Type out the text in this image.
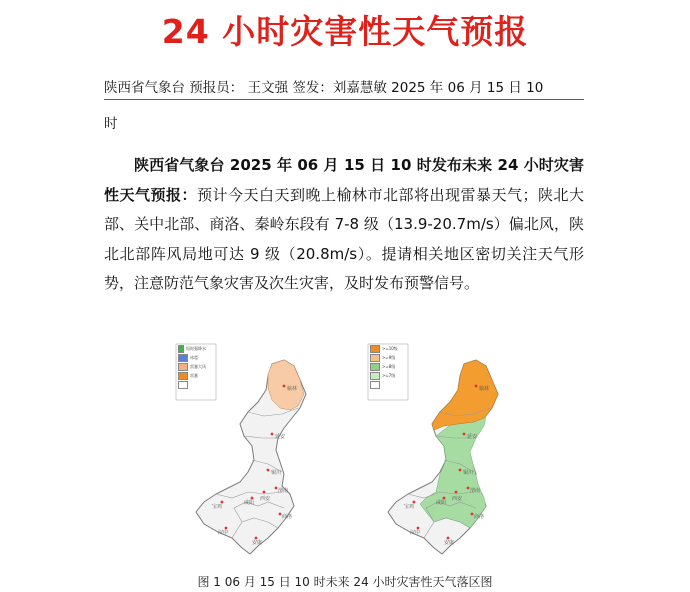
24 小时灾害性天气预报
陕西省气象台 预报员： 王文强 签发：刘嘉慧敏 2025 年 06 月 15 日 10
时
陕西省气象台 2025 年 06 月 15 日 10 时发布未来 24 小时灾害性天气预报：预计今天白天到晚上榆林市北部将出现雷暴天气；陕北大部、关中北部、商洛、秦岭东段有 7-8 级（13.9-20.7m/s）偏北风，陕北北部阵风局地可达 9 级（20.8m/s）。提请相关地区密切关注天气形势，注意防范气象灾害及次生灾害，及时发布预警信号。
短时强降水
冰雹
雷暴大风
雷暴
榆林
延安
铜川
宝鸡
咸阳
西安
渭南
商洛
汉中
安康
>=10级
>=9级
>=8级
>=7级
榆林
延安
铜川
宝鸡
咸阳
西安
渭南
商洛
汉中
安康
图 1 06 月 15 日 10 时未来 24 小时灾害性天气落区图
